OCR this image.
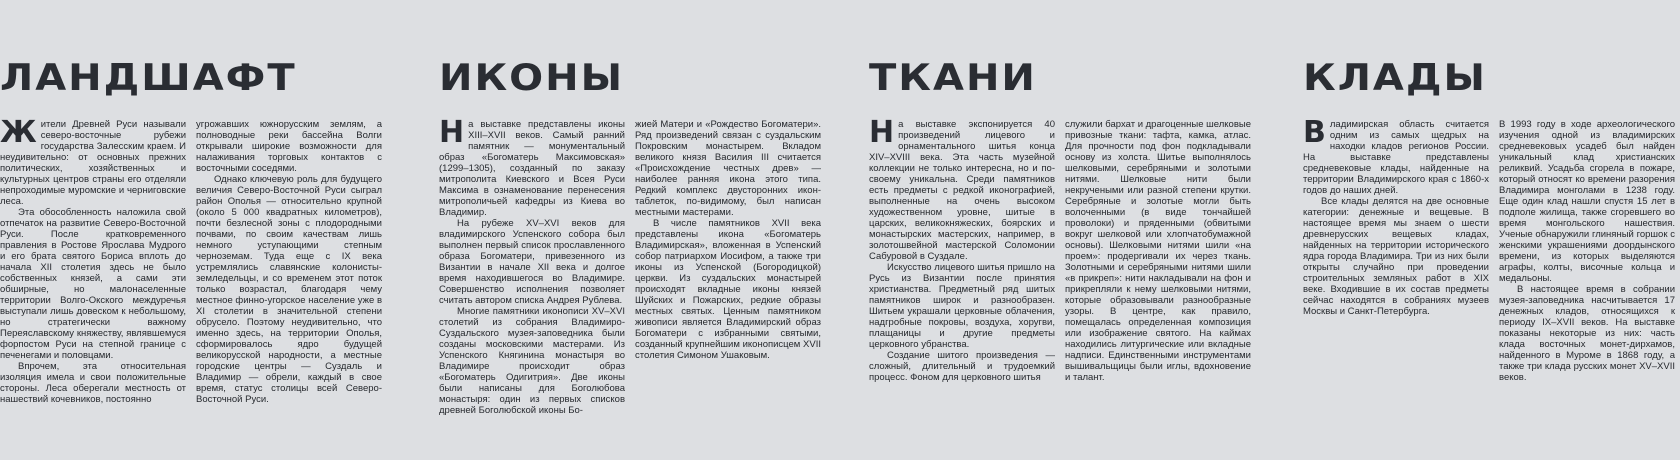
ЛАНДШАФТ

Жители Древней Руси называли северо-восточные рубежи государства Залесским краем. И неудивительно: от основных прежних политических, хозяйственных и культурных центров страны его отделяли непроходимые муромские и черниговские леса.

Эта обособленность наложила свой отпечаток на развитие Северо-Восточной Руси. После кратковременного правления в Ростове Ярослава Мудрого и его брата святого Бориса вплоть до начала XII столетия здесь не было собственных князей, а сами эти обширные, но малонаселенные территории Волго-Окского междуречья выступали лишь довеском к небольшому, но стратегически важному Переяславскому княжеству, являвшемуся форпостом Руси на степной границе с печенегами и половцами.

Впрочем, эта относительная изоляция имела и свои положительные стороны. Леса оберегали местность от нашествий кочевников, постоянно

угрожавших южнорусским землям, а полноводные реки бассейна Волги открывали широкие возможности для налаживания торговых контактов с восточными соседями.

Однако ключевую роль для будущего величия Северо-Восточной Руси сыграл район Ополья — относительно крупной (около 5 000 квадратных километров), почти безлесной зоны с плодородными почвами, по своим качествам лишь немного уступающими степным черноземам. Туда еще с IX века устремлялись славянские колонисты-земледельцы, и со временем этот поток только возрастал, благодаря чему местное финно-угорское население уже в XI столетии в значительной степени обрусело. Поэтому неудивительно, что именно здесь, на территории Ополья, сформировалось ядро будущей великорусской народности, а местные городские центры — Суздаль и Владимир — обрели, каждый в свое время, статус столицы всей Северо-Восточной Руси.

ИКОНЫ

На выставке представлены иконы XIII–XVII веков. Самый ранний памятник — монументальный образ «Богоматерь Максимовская» (1299–1305), созданный по заказу митрополита Киевского и Всея Руси Максима в ознаменование перенесения митрополичьей кафедры из Киева во Владимир.

На рубеже XV–XVI веков для владимирского Успенского собора был выполнен первый список прославленного образа Богоматери, привезенного из Византии в начале XII века и долгое время находившегося во Владимире. Совершенство исполнения позволяет считать автором списка Андрея Рублева.

Многие памятники иконописи XV–XVI столетий из собрания Владимиро-Суздальского музея-заповедника были созданы московскими мастерами. Из Успенского Княгинина монастыря во Владимире происходит образ «Богоматерь Одигитрия». Две иконы были написаны для Боголюбова монастыря: один из первых списков древней Боголюбской иконы Бо-

жией Матери и «Рождество Богоматери». Ряд произведений связан с суздальским Покровским монастырем. Вкладом великого князя Василия III считается «Происхождение честных древ» — наиболее ранняя икона этого типа. Редкий комплекс двусторонних икон-таблеток, по-видимому, был написан местными мастерами.

В числе памятников XVII века представлены икона «Богоматерь Владимирская», вложенная в Успенский собор патриархом Иосифом, а также три иконы из Успенской (Богородицкой) церкви. Из суздальских монастырей происходят вкладные иконы князей Шуйских и Пожарских, редкие образы местных святых. Ценным памятником живописи является Владимирский образ Богоматери с избранными святыми, созданный крупнейшим иконописцем XVII столетия Симоном Ушаковым.

ТКАНИ

На выставке экспонируется 40 произведений лицевого и орнаментального шитья конца XIV–XVIII века. Эта часть музейной коллекции не только интересна, но и по-своему уникальна. Среди памятников есть предметы с редкой иконографией, выполненные на очень высоком художественном уровне, шитые в царских, великокняжеских, боярских и монастырских мастерских, например, в золотошвейной мастерской Соломонии Сабуровой в Суздале.

Искусство лицевого шитья пришло на Русь из Византии после принятия христианства. Предметный ряд шитых памятников широк и разнообразен. Шитьем украшали церковные облачения, надгробные покровы, воздуха, хоругви, плащаницы и другие предметы церковного убранства.

Создание шитого произведения — сложный, длительный и трудоемкий процесс. Фоном для церковного шитья

служили бархат и драгоценные шелковые привозные ткани: тафта, камка, атлас. Для прочности под фон подкладывали основу из холста. Шитье выполнялось шелковыми, серебряными и золотыми нитями. Шелковые нити были некручеными или разной степени крутки. Серебряные и золотые могли быть волоченными (в виде тончайшей проволоки) и пряденными (обвитыми вокруг шелковой или хлопчатобумажной основы). Шелковыми нитями шили «на проем»: продергивали их через ткань. Золотными и серебряными нитями шили «в прикреп»: нити накладывали на фон и прикрепляли к нему шелковыми нитями, которые образовывали разнообразные узоры. В центре, как правило, помещалась определенная композиция или изображение святого. На каймах находились литургические или вкладные надписи. Единственными инструментами вышивальщицы были иглы, вдохновение и талант.

КЛАДЫ

Владимирская область считается одним из самых щедрых на находки кладов регионов России. На выставке представлены средневековые клады, найденные на территории Владимирского края с 1860-х годов до наших дней.

Все клады делятся на две основные категории: денежные и вещевые. В настоящее время мы знаем о шести древнерусских вещевых кладах, найденных на территории исторического ядра города Владимира. Три из них были открыты случайно при проведении строительных земляных работ в XIX веке. Входившие в их состав предметы сейчас находятся в собраниях музеев Москвы и Санкт-Петербурга.

В 1993 году в ходе археологического изучения одной из владимирских средневековых усадеб был найден уникальный клад христианских реликвий. Усадьба сгорела в пожаре, который относят ко времени разорения Владимира монголами в 1238 году. Еще один клад нашли спустя 15 лет в подполе жилища, также сгоревшего во время монгольского нашествия. Ученые обнаружили глиняный горшок с женскими украшениями доордынского времени, из которых выделяются аграфы, колты, височные кольца и медальоны.

В настоящее время в собрании музея-заповедника насчитывается 17 денежных кладов, относящихся к периоду IX–XVII веков. На выставке показаны некоторые из них: часть клада восточных монет-дирхамов, найденного в Муроме в 1868 году, а также три клада русских монет XV–XVII веков.
